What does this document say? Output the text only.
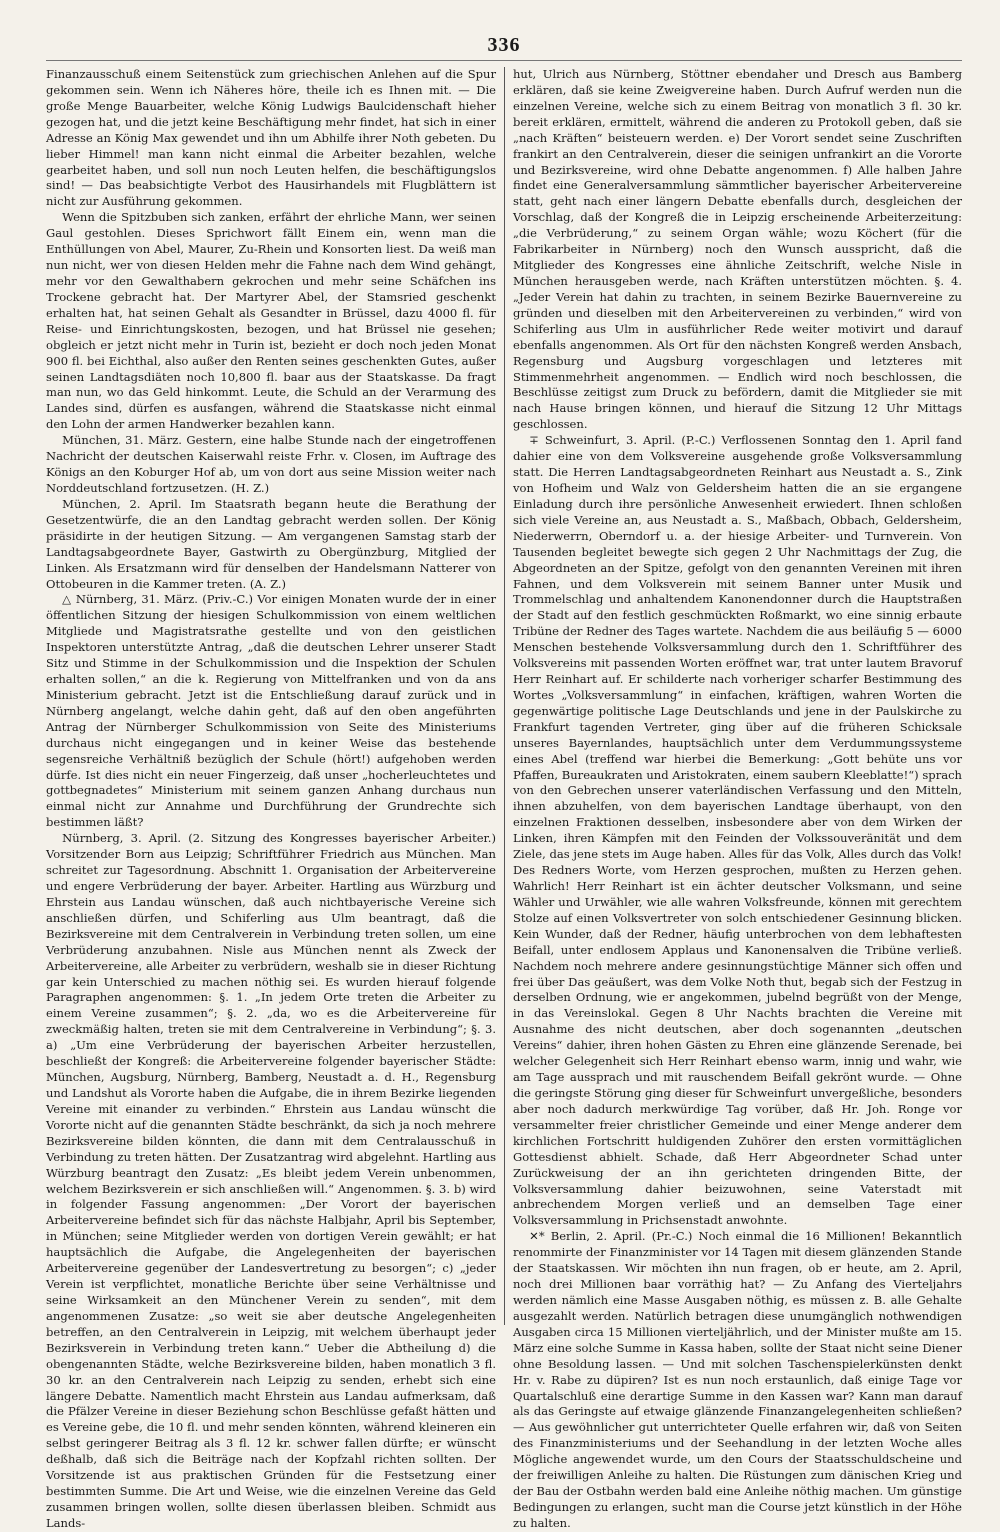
336

Finanzausschuß einem Seitenstück zum griechischen Anlehen auf die Spur gekommen sein. Wenn ich Näheres höre, theile ich es Ihnen mit. — Die große Menge Bauarbeiter, welche König Ludwigs Baulcidenschaft hieher gezogen hat, und die jetzt keine Beschäftigung mehr findet, hat sich in einer Adresse an König Max gewendet und ihn um Abhilfe ihrer Noth gebeten. Du lieber Himmel! man kann nicht einmal die Arbeiter bezahlen, welche gearbeitet haben, und soll nun noch Leuten helfen, die beschäftigungslos sind! — Das beabsichtigte Verbot des Hausirhandels mit Flugblättern ist nicht zur Ausführung gekommen.

Wenn die Spitzbuben sich zanken, erfährt der ehrliche Mann, wer seinen Gaul gestohlen. Dieses Sprichwort fällt Einem ein, wenn man die Enthüllungen von Abel, Maurer, Zu-Rhein und Konsorten liest. Da weiß man nun nicht, wer von diesen Helden mehr die Fahne nach dem Wind gehängt, mehr vor den Gewalthabern gekrochen und mehr seine Schäfchen ins Trockene gebracht hat. Der Martyrer Abel, der Stamsried geschenkt erhalten hat, hat seinen Gehalt als Gesandter in Brüssel, dazu 4000 fl. für Reise- und Einrichtungskosten, bezogen, und hat Brüssel nie gesehen; obgleich er jetzt nicht mehr in Turin ist, bezieht er doch noch jeden Monat 900 fl. bei Eichthal, also außer den Renten seines geschenkten Gutes, außer seinen Landtagsdiäten noch 10,800 fl. baar aus der Staatskasse. Da fragt man nun, wo das Geld hinkommt. Leute, die Schuld an der Verarmung des Landes sind, dürfen es ausfangen, während die Staatskasse nicht einmal den Lohn der armen Handwerker bezahlen kann.

München, 31. März. Gestern, eine halbe Stunde nach der eingetroffenen Nachricht der deutschen Kaiserwahl reiste Frhr. v. Closen, im Auftrage des Königs an den Koburger Hof ab, um von dort aus seine Mission weiter nach Norddeutschland fortzusetzen. (H. Z.)

München, 2. April. Im Staatsrath begann heute die Berathung der Gesetzentwürfe, die an den Landtag gebracht werden sollen. Der König präsidirte in der heutigen Sitzung. — Am vergangenen Samstag starb der Landtagsabgeordnete Bayer, Gastwirth zu Obergünzburg, Mitglied der Linken. Als Ersatzmann wird für denselben der Handelsmann Natterer von Ottobeuren in die Kammer treten. (A. Z.)

△ Nürnberg, 31. März. (Priv.-C.) Vor einigen Monaten wurde der in einer öffentlichen Sitzung der hiesigen Schulkommission von einem weltlichen Mitgliede und Magistratsrathe gestellte und von den geistlichen Inspektoren unterstützte Antrag, „daß die deutschen Lehrer unserer Stadt Sitz und Stimme in der Schulkommission und die Inspektion der Schulen erhalten sollen,“ an die k. Regierung von Mittelfranken und von da ans Ministerium gebracht. Jetzt ist die Entschließung darauf zurück und in Nürnberg angelangt, welche dahin geht, daß auf den oben angeführten Antrag der Nürnberger Schulkommission von Seite des Ministeriums durchaus nicht eingegangen und in keiner Weise das bestehende segensreiche Verhältniß bezüglich der Schule (hört!) aufgehoben werden dürfe. Ist dies nicht ein neuer Fingerzeig, daß unser „hocherleuchtetes und gottbegnadetes“ Ministerium mit seinem ganzen Anhang durchaus nun einmal nicht zur Annahme und Durchführung der Grundrechte sich bestimmen läßt?

Nürnberg, 3. April. (2. Sitzung des Kongresses bayerischer Arbeiter.) Vorsitzender Born aus Leipzig; Schriftführer Friedrich aus München. Man schreitet zur Tagesordnung. Abschnitt 1. Organisation der Arbeitervereine und engere Verbrüderung der bayer. Arbeiter. Hartling aus Würzburg und Ehrstein aus Landau wünschen, daß auch nichtbayerische Vereine sich anschließen dürfen, und Schiferling aus Ulm beantragt, daß die Bezirksvereine mit dem Centralverein in Verbindung treten sollen, um eine Verbrüderung anzubahnen. Nisle aus München nennt als Zweck der Arbeitervereine, alle Arbeiter zu verbrüdern, weshalb sie in dieser Richtung gar kein Unterschied zu machen nöthig sei. Es wurden hierauf folgende Paragraphen angenommen: §. 1. „In jedem Orte treten die Arbeiter zu einem Vereine zusammen“; §. 2. „da, wo es die Arbeitervereine für zweckmäßig halten, treten sie mit dem Centralvereine in Verbindung“; §. 3. a) „Um eine Verbrüderung der bayerischen Arbeiter herzustellen, beschließt der Kongreß: die Arbeitervereine folgender bayerischer Städte: München, Augsburg, Nürnberg, Bamberg, Neustadt a. d. H., Regensburg und Landshut als Vororte haben die Aufgabe, die in ihrem Bezirke liegenden Vereine mit einander zu verbinden.“ Ehrstein aus Landau wünscht die Vororte nicht auf die genannten Städte beschränkt, da sich ja noch mehrere Bezirksvereine bilden könnten, die dann mit dem Centralausschuß in Verbindung zu treten hätten. Der Zusatzantrag wird abgelehnt. Hartling aus Würzburg beantragt den Zusatz: „Es bleibt jedem Verein unbenommen, welchem Bezirksverein er sich anschließen will.“ Angenommen. §. 3. b) wird in folgender Fassung angenommen: „Der Vorort der bayerischen Arbeitervereine befindet sich für das nächste Halbjahr, April bis September, in München; seine Mitglieder werden von dortigen Verein gewählt; er hat hauptsächlich die Aufgabe, die Angelegenheiten der bayerischen Arbeitervereine gegenüber der Landesvertretung zu besorgen“; c) „jeder Verein ist verpflichtet, monatliche Berichte über seine Verhältnisse und seine Wirksamkeit an den Münchener Verein zu senden“, mit dem angenommenen Zusatze: „so weit sie aber deutsche Angelegenheiten betreffen, an den Centralverein in Leipzig, mit welchem überhaupt jeder Bezirksverein in Verbindung treten kann.“ Ueber die Abtheilung d) die obengenannten Städte, welche Bezirksvereine bilden, haben monatlich 3 fl. 30 kr. an den Centralverein nach Leipzig zu senden, erhebt sich eine längere Debatte. Namentlich macht Ehrstein aus Landau aufmerksam, daß die Pfälzer Vereine in dieser Beziehung schon Beschlüsse gefaßt hätten und es Vereine gebe, die 10 fl. und mehr senden könnten, während kleineren ein selbst geringerer Beitrag als 3 fl. 12 kr. schwer fallen dürfte; er wünscht deßhalb, daß sich die Beiträge nach der Kopfzahl richten sollten. Der Vorsitzende ist aus praktischen Gründen für die Festsetzung einer bestimmten Summe. Die Art und Weise, wie die einzelnen Vereine das Geld zusammen bringen wollen, sollte diesen überlassen bleiben. Schmidt aus Lands-

hut, Ulrich aus Nürnberg, Stöttner ebendaher und Dresch aus Bamberg erklären, daß sie keine Zweigvereine haben. Durch Aufruf werden nun die einzelnen Vereine, welche sich zu einem Beitrag von monatlich 3 fl. 30 kr. bereit erklären, ermittelt, während die anderen zu Protokoll geben, daß sie „nach Kräften“ beisteuern werden. e) Der Vorort sendet seine Zuschriften frankirt an den Centralverein, dieser die seinigen unfrankirt an die Vororte und Bezirksvereine, wird ohne Debatte angenommen. f) Alle halben Jahre findet eine Generalversammlung sämmtlicher bayerischer Arbeitervereine statt, geht nach einer längern Debatte ebenfalls durch, desgleichen der Vorschlag, daß der Kongreß die in Leipzig erscheinende Arbeiterzeitung: „die Verbrüderung,“ zu seinem Organ wähle; wozu Köchert (für die Fabrikarbeiter in Nürnberg) noch den Wunsch ausspricht, daß die Mitglieder des Kongresses eine ähnliche Zeitschrift, welche Nisle in München herausgeben werde, nach Kräften unterstützen möchten. §. 4. „Jeder Verein hat dahin zu trachten, in seinem Bezirke Bauernvereine zu gründen und dieselben mit den Arbeitervereinen zu verbinden,“ wird von Schiferling aus Ulm in ausführlicher Rede weiter motivirt und darauf ebenfalls angenommen. Als Ort für den nächsten Kongreß werden Ansbach, Regensburg und Augsburg vorgeschlagen und letzteres mit Stimmenmehrheit angenommen. — Endlich wird noch beschlossen, die Beschlüsse zeitigst zum Druck zu befördern, damit die Mitglieder sie mit nach Hause bringen können, und hierauf die Sitzung 12 Uhr Mittags geschlossen.

∓ Schweinfurt, 3. April. (P.-C.) Verflossenen Sonntag den 1. April fand dahier eine von dem Volksvereine ausgehende große Volksversammlung statt. Die Herren Landtagsabgeordneten Reinhart aus Neustadt a. S., Zink von Hofheim und Walz von Geldersheim hatten die an sie ergangene Einladung durch ihre persönliche Anwesenheit erwiedert. Ihnen schloßen sich viele Vereine an, aus Neustadt a. S., Maßbach, Obbach, Geldersheim, Niederwerrn, Oberndorf u. a. der hiesige Arbeiter- und Turnverein. Von Tausenden begleitet bewegte sich gegen 2 Uhr Nachmittags der Zug, die Abgeordneten an der Spitze, gefolgt von den genannten Vereinen mit ihren Fahnen, und dem Volksverein mit seinem Banner unter Musik und Trommelschlag und anhaltendem Kanonendonner durch die Hauptstraßen der Stadt auf den festlich geschmückten Roßmarkt, wo eine sinnig erbaute Tribüne der Redner des Tages wartete. Nachdem die aus beiläufig 5 — 6000 Menschen bestehende Volksversammlung durch den 1. Schriftführer des Volksvereins mit passenden Worten eröffnet war, trat unter lautem Bravoruf Herr Reinhart auf. Er schilderte nach vorheriger scharfer Bestimmung des Wortes „Volksversammlung“ in einfachen, kräftigen, wahren Worten die gegenwärtige politische Lage Deutschlands und jene in der Paulskirche zu Frankfurt tagenden Vertreter, ging über auf die früheren Schicksale unseres Bayernlandes, hauptsächlich unter dem Verdummungssysteme eines Abel (treffend war hierbei die Bemerkung: „Gott behüte uns vor Pfaffen, Bureaukraten und Aristokraten, einem saubern Kleeblatte!“) sprach von den Gebrechen unserer vaterländischen Verfassung und den Mitteln, ihnen abzuhelfen, von dem bayerischen Landtage überhaupt, von den einzelnen Fraktionen desselben, insbesondere aber von dem Wirken der Linken, ihren Kämpfen mit den Feinden der Volkssouveränität und dem Ziele, das jene stets im Auge haben. Alles für das Volk, Alles durch das Volk! Des Redners Worte, vom Herzen gesprochen, mußten zu Herzen gehen. Wahrlich! Herr Reinhart ist ein ächter deutscher Volksmann, und seine Wähler und Urwähler, wie alle wahren Volksfreunde, können mit gerechtem Stolze auf einen Volksvertreter von solch entschiedener Gesinnung blicken. Kein Wunder, daß der Redner, häufig unterbrochen von dem lebhaftesten Beifall, unter endlosem Applaus und Kanonensalven die Tribüne verließ. Nachdem noch mehrere andere gesinnungstüchtige Männer sich offen und frei über Das geäußert, was dem Volke Noth thut, begab sich der Festzug in derselben Ordnung, wie er angekommen, jubelnd begrüßt von der Menge, in das Vereinslokal. Gegen 8 Uhr Nachts brachten die Vereine mit Ausnahme des nicht deutschen, aber doch sogenannten „deutschen Vereins“ dahier, ihren hohen Gästen zu Ehren eine glänzende Serenade, bei welcher Gelegenheit sich Herr Reinhart ebenso warm, innig und wahr, wie am Tage aussprach und mit rauschendem Beifall gekrönt wurde. — Ohne die geringste Störung ging dieser für Schweinfurt unvergeßliche, besonders aber noch dadurch merkwürdige Tag vorüber, daß Hr. Joh. Ronge vor versammelter freier christlicher Gemeinde und einer Menge anderer dem kirchlichen Fortschritt huldigenden Zuhörer den ersten vormittäglichen Gottesdienst abhielt. Schade, daß Herr Abgeordneter Schad unter Zurückweisung der an ihn gerichteten dringenden Bitte, der Volksversammlung dahier beizuwohnen, seine Vaterstadt mit anbrechendem Morgen verließ und an demselben Tage einer Volksversammlung in Prichsenstadt anwohnte.

✕* Berlin, 2. April. (Pr.-C.) Noch einmal die 16 Millionen! Bekanntlich renommirte der Finanzminister vor 14 Tagen mit diesem glänzenden Stande der Staatskassen. Wir möchten ihn nun fragen, ob er heute, am 2. April, noch drei Millionen baar vorräthig hat? — Zu Anfang des Vierteljahrs werden nämlich eine Masse Ausgaben nöthig, es müssen z. B. alle Gehalte ausgezahlt werden. Natürlich betragen diese unumgänglich nothwendigen Ausgaben circa 15 Millionen vierteljährlich, und der Minister mußte am 15. März eine solche Summe in Kassa haben, sollte der Staat nicht seine Diener ohne Besoldung lassen. — Und mit solchen Taschenspielerkünsten denkt Hr. v. Rabe zu düpiren? Ist es nun noch erstaunlich, daß einige Tage vor Quartalschluß eine derartige Summe in den Kassen war? Kann man darauf als das Geringste auf etwaige glänzende Finanzangelegenheiten schließen? — Aus gewöhnlicher gut unterrichteter Quelle erfahren wir, daß von Seiten des Finanzministeriums und der Seehandlung in der letzten Woche alles Mögliche angewendet wurde, um den Cours der Staatsschuldscheine und der freiwilligen Anleihe zu halten. Die Rüstungen zum dänischen Krieg und der Bau der Ostbahn werden bald eine Anleihe nöthig machen. Um günstige Bedingungen zu erlangen, sucht man die Course jetzt künstlich in der Höhe zu halten.
